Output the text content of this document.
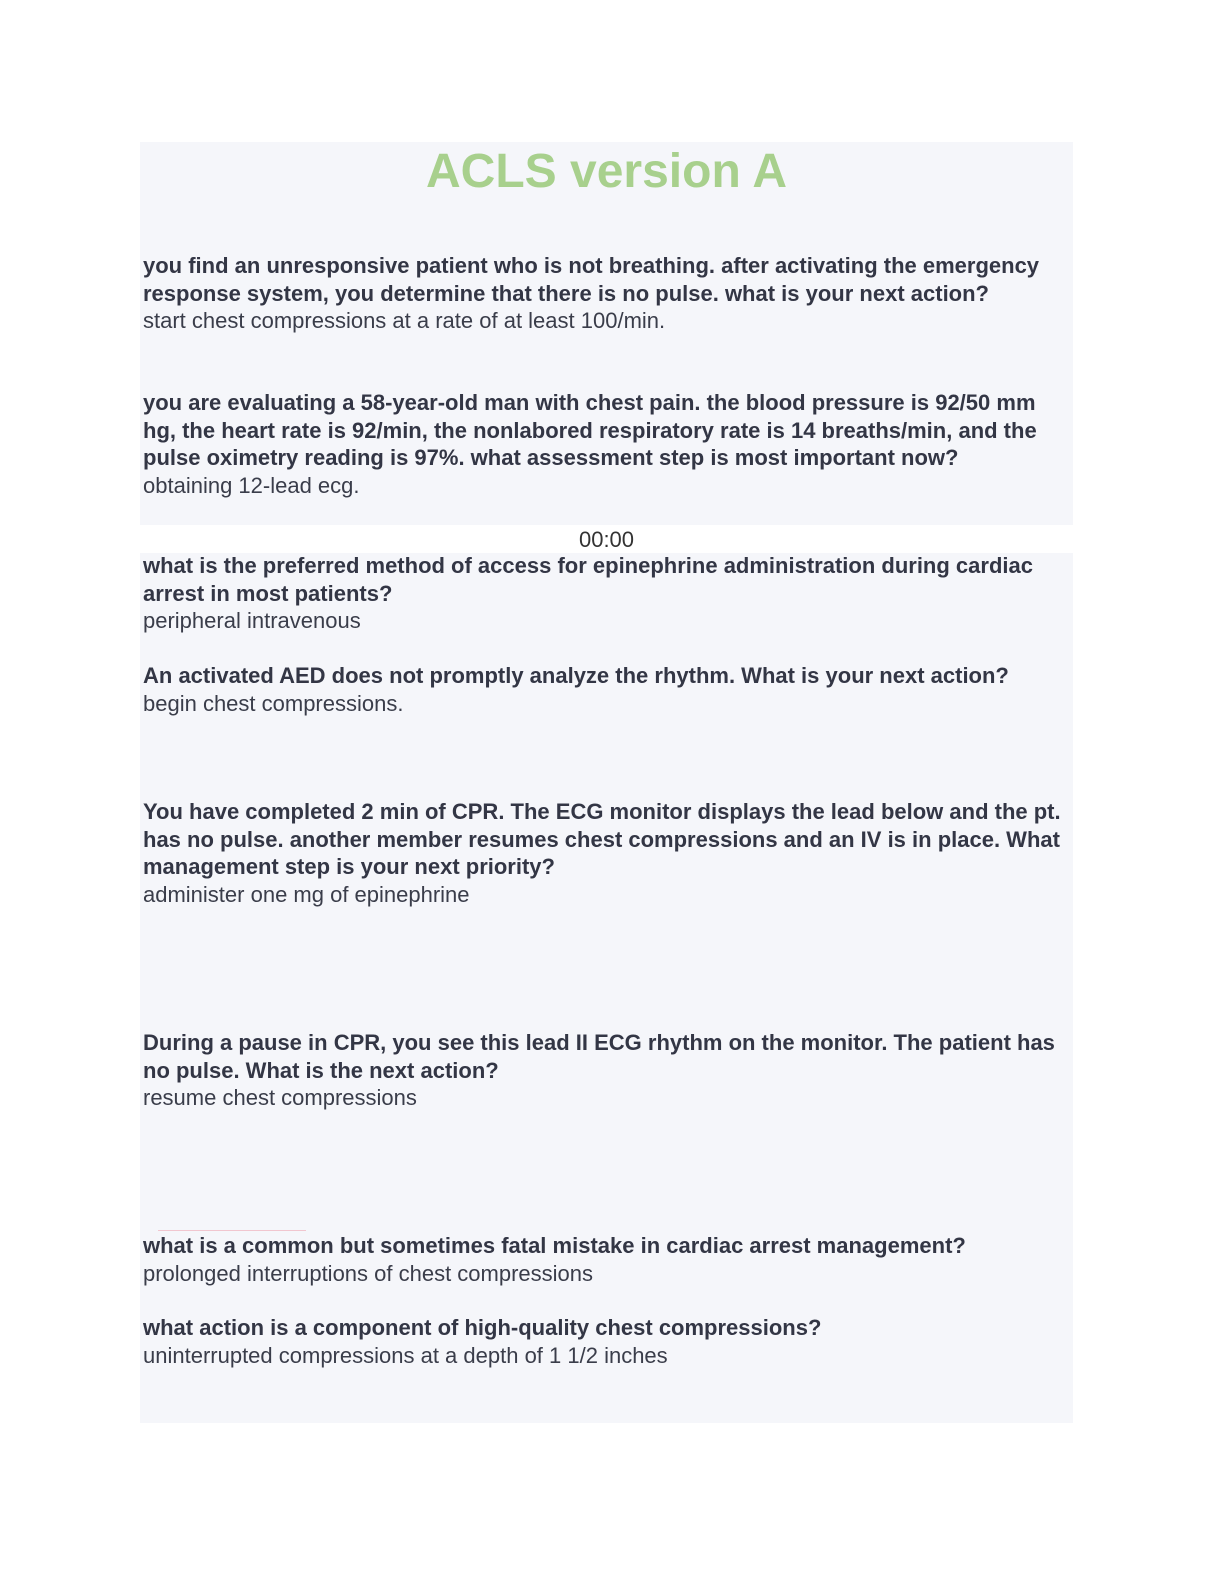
ACLS version A

you find an unresponsive patient who is not breathing. after activating the emergency response system, you determine that there is no pulse. what is your next action?

start chest compressions at a rate of at least 100/min.

you are evaluating a 58-year-old man with chest pain. the blood pressure is 92/50 mm hg, the heart rate is 92/min, the nonlabored respiratory rate is 14 breaths/min, and the pulse oximetry reading is 97%. what assessment step is most important now?

obtaining 12-lead ecg.

00:00

what is the preferred method of access for epinephrine administration during cardiac arrest in most patients?

peripheral intravenous

An activated AED does not promptly analyze the rhythm. What is your next action?

begin chest compressions.

You have completed 2 min of CPR. The ECG monitor displays the lead below and the pt. has no pulse. another member resumes chest compressions and an IV is in place. What management step is your next priority?

administer one mg of epinephrine

During a pause in CPR, you see this lead II ECG rhythm on the monitor. The patient has no pulse. What is the next action?

resume chest compressions

what is a common but sometimes fatal mistake in cardiac arrest management?

prolonged interruptions of chest compressions

what action is a component of high-quality chest compressions?

uninterrupted compressions at a depth of 1 1/2 inches
